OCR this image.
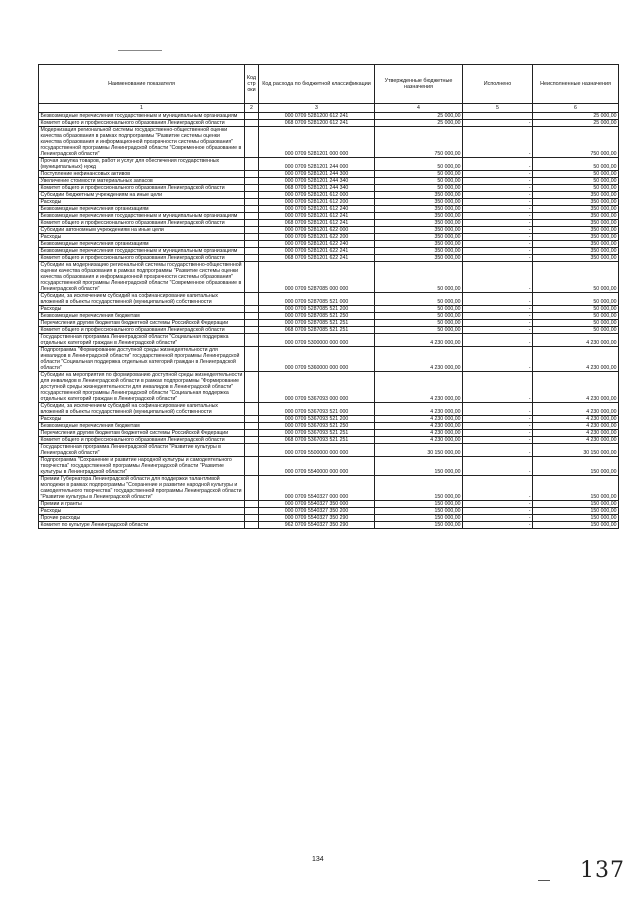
Наименование показателя	Код строки	Код расхода по бюджетной классификации	Утвержденные бюджетные назначения	Исполнено	Неисполненные назначения
1	2	3	4	5	6
Безвозмездные перечисления государственным и муниципальным организациям		000 0709 5281200 612 241	25 000,00		25 000,00
Комитет общего и профессионального образования Ленинградской области		068 0709 5281200 612 241	25 000,00	-	25 000,00
Модернизация региональной системы государственно-общественной оценки качества образования в рамках подпрограммы "Развитие системы оценки качества образования и информационной прозрачности системы образования" государственной программы Ленинградской области "Современное образование в Ленинградской области"		000 0709 5281201 000 000	750 000,00	-	750 000,00
Прочая закупка товаров, работ и услуг для обеспечения государственных (муниципальных) нужд		000 0709 5281201 244 000	50 000,00	-	50 000,00
Поступление нефинансовых активов		000 0709 5281201 244 300	50 000,00	-	50 000,00
Увеличение стоимости материальных запасов		000 0709 5281201 244 340	50 000,00	-	50 000,00
Комитет общего и профессионального образования Ленинградской области		068 0709 5281201 244 340	50 000,00	-	50 000,00
Субсидии бюджетным учреждениям на иные цели		000 0709 5281201 612 000	350 000,00	-	350 000,00
Расходы		000 0709 5281201 612 200	350 000,00	-	350 000,00
Безвозмездные перечисления организациям		000 0709 5281201 612 240	350 000,00	-	350 000,00
Безвозмездные перечисления государственным и муниципальным организациям		000 0709 5281201 612 241	350 000,00	-	350 000,00
Комитет общего и профессионального образования Ленинградской области		068 0709 5281201 612 241	350 000,00	-	350 000,00
Субсидии автономным учреждениям на иные цели		000 0709 5281201 622 000	350 000,00	-	350 000,00
Расходы		000 0709 5281201 622 200	350 000,00	-	350 000,00
Безвозмездные перечисления организациям		000 0709 5281201 622 240	350 000,00	-	350 000,00
Безвозмездные перечисления государственным и муниципальным организациям		000 0709 5281201 622 241	350 000,00	-	350 000,00
Комитет общего и профессионального образования Ленинградской области		068 0709 5281201 622 241	350 000,00	-	350 000,00
Субсидии на модернизацию региональной системы государственно-общественной оценки качества образования в рамках подпрограммы "Развитие системы оценки качества образования и информационной прозрачности системы образования" государственной программы Ленинградской области "Современное образование в Ленинградской области"		000 0709 5287085 000 000	50 000,00	-	50 000,00
Субсидии, за исключением субсидий на софинансирование капитальных вложений в объекты государственной (муниципальной) собственности		000 0709 5287085 521 000	50 000,00	-	50 000,00
Расходы		000 0709 5287085 521 200	50 000,00	-	50 000,00
Безвозмездные перечисления бюджетам		000 0709 5287085 521 250	50 000,00	-	50 000,00
Перечисления другим бюджетам бюджетной системы Российской Федерации		000 0709 5287085 521 251	50 000,00	-	50 000,00
Комитет общего и профессионального образования Ленинградской области		068 0709 5287085 521 251	50 000,00	-	50 000,00
Государственная программа Ленинградской области "Социальная поддержка отдельных категорий граждан в Ленинградской области"		000 0709 5300000 000 000	4 230 000,00	-	4 230 000,00
Подпрограмма "Формирование доступной среды жизнедеятельности для инвалидов в Ленинградской области" государственной программы Ленинградской области "Социальная поддержка отдельных категорий граждан в Ленинградской области"		000 0709 5360000 000 000	4 230 000,00	-	4 230 000,00
Субсидии на мероприятия по формированию доступной среды жизнедеятельности для инвалидов в Ленинградской области в рамках подпрограммы "Формирование доступной среды жизнедеятельности для инвалидов в Ленинградской области" государственной программы Ленинградской области "Социальная поддержка отдельных категорий граждан в Ленинградской области"		000 0709 5367093 000 000	4 230 000,00	-	4 230 000,00
Субсидии, за исключением субсидий на софинансирование капитальных вложений в объекты государственной (муниципальной) собственности		000 0709 5367093 521 000	4 230 000,00	-	4 230 000,00
Расходы		000 0709 5367093 521 200	4 230 000,00	-	4 230 000,00
Безвозмездные перечисления бюджетам		000 0709 5367093 521 250	4 230 000,00	-	4 230 000,00
Перечисления другим бюджетам бюджетной системы Российской Федерации		000 0709 5367093 521 251	4 230 000,00	-	4 230 000,00
Комитет общего и профессионального образования Ленинградской области		068 0709 5367093 521 251	4 230 000,00	-	4 230 000,00
Государственная программа Ленинградской области "Развитие культуры в Ленинградской области"		000 0709 5500000 000 000	30 150 000,00	-	30 150 000,00
Подпрограмма "Сохранение и развитие народной культуры и самодеятельного творчества" государственной программы Ленинградской области "Развитие культуры в Ленинградской области"		000 0709 5540000 000 000	150 000,00	-	150 000,00
Премии Губернатора Ленинградской области для поддержки талантливой молодежи в рамках подпрограммы "Сохранение и развитие народной культуры и самодеятельного творчества" государственной программы Ленинградской области "Развитие культуры в Ленинградской области"		000 0709 5540327 000 000	150 000,00	-	150 000,00
Премии и гранты		000 0709 5540327 350 000	150 000,00	-	150 000,00
Расходы		000 0709 5540327 350 200	150 000,00	-	150 000,00
Прочие расходы		000 0709 5540327 350 290	150 000,00	-	150 000,00
Комитет по культуре Ленинградской области		962 0709 5540327 350 290	150 000,00	-	150 000,00
134	137
